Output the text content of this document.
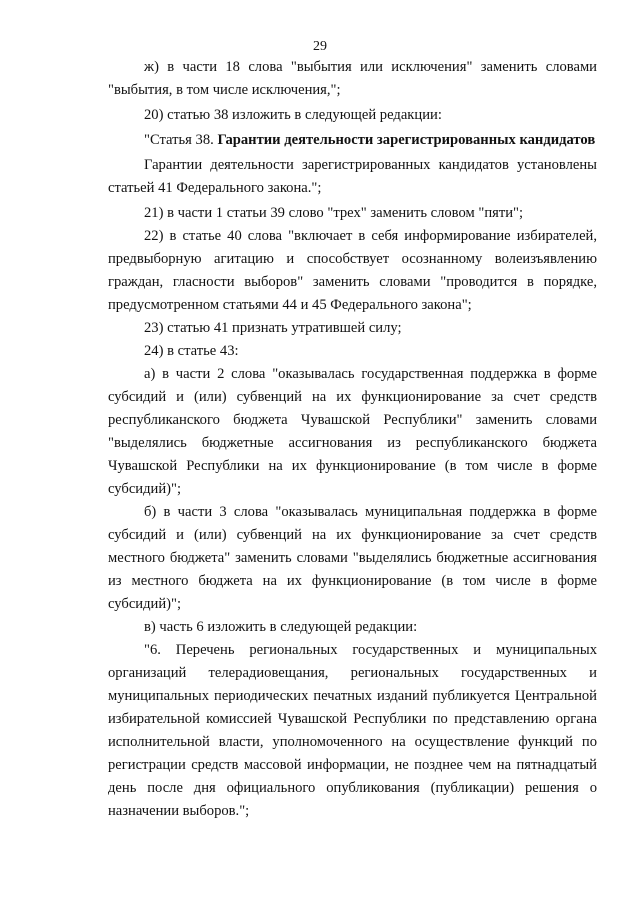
29

ж) в части 18 слова "выбытия или исключения" заменить словами "выбытия, в том числе исключения,";

20) статью 38 изложить в следующей редакции:

"Статья 38. Гарантии деятельности зарегистрированных кандидатов

Гарантии деятельности зарегистрированных кандидатов установлены статьей 41 Федерального закона.";

21) в части 1 статьи 39 слово "трех" заменить словом "пяти";

22) в статье 40 слова "включает в себя информирование избирателей, предвыборную агитацию и способствует осознанному волеизъявлению граждан, гласности выборов" заменить словами "проводится в порядке, предусмотренном статьями 44 и 45 Федерального закона";

23) статью 41 признать утратившей силу;

24) в статье 43:

а) в части 2 слова "оказывалась государственная поддержка в форме субсидий и (или) субвенций на их функционирование за счет средств республиканского бюджета Чувашской Республики" заменить словами "выделялись бюджетные ассигнования из республиканского бюджета Чувашской Республики на их функционирование (в том числе в форме субсидий)";

б) в части 3 слова "оказывалась муниципальная поддержка в форме субсидий и (или) субвенций на их функционирование за счет средств местного бюджета" заменить словами "выделялись бюджетные ассигнования из местного бюджета на их функционирование (в том числе в форме субсидий)";

в) часть 6 изложить в следующей редакции:

"6. Перечень региональных государственных и муниципальных организаций телерадиовещания, региональных государственных и муниципальных периодических печатных изданий публикуется Центральной избирательной комиссией Чувашской Республики по представлению органа исполнительной власти, уполномоченного на осуществление функций по регистрации средств массовой информации, не позднее чем на пятнадцатый день после дня официального опубликования (публикации) решения о назначении выборов.";
